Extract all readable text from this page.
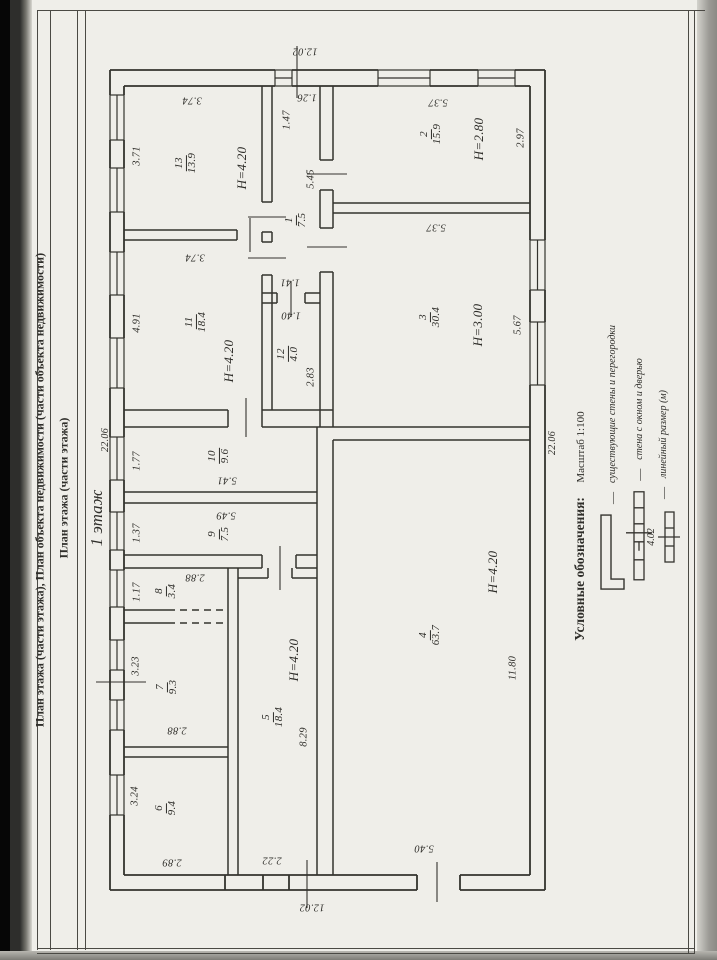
План этажа (части этажа), План объекта недвижимости (части объекта недвижимости) План этажа (части этажа) 1 этаж
13 13.9
2 15.9
1 7.5
11 18.4	3 30.4
12 4.0
10 9.6
9 7.5
8 3.4
7 9.3
6 9.4
5 18.4
4 63.7
H=4.20
H=2.80
H=4.20
H=3.00
H=4.20
H=4.20
3.71
4.91
1.77
1.37
1.17
3.23
3.24
1.47
5.45
2.83
2.97
5.67
11.80
8.29
22.06	22.06
3.74	1.26
12.02
5.37
3.74
5.37
1.41
1.40
5.41
5.49
2.88
2.88
2.89	2.22
5.40
12.02
Масштаб 1:100
Условные обозначения: —
существующие стены и перегородки —
стена с окном и дверью
4.02
—
линейный размер (м)
